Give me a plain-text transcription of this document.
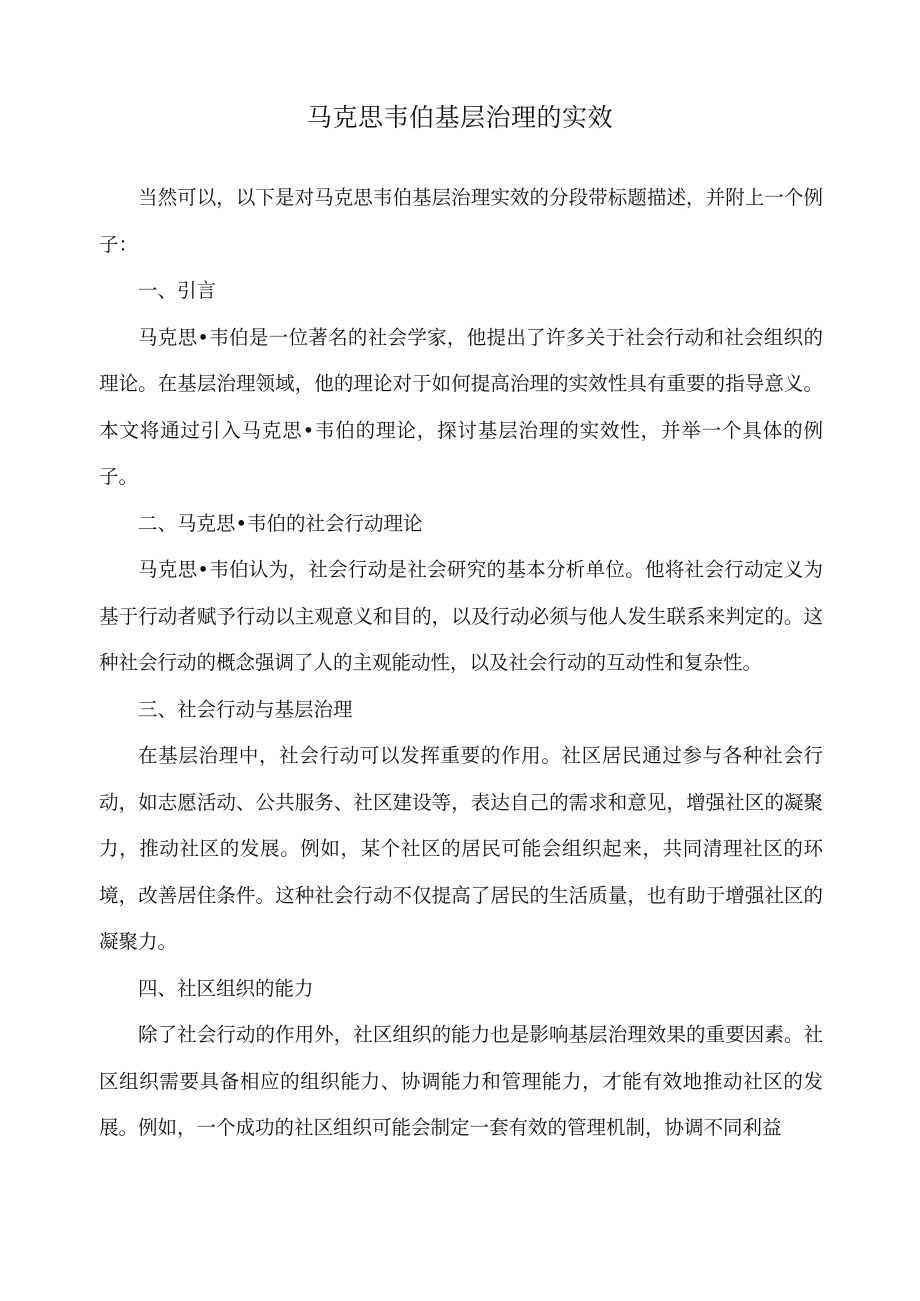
马克思韦伯基层治理的实效

当然可以，以下是对马克思韦伯基层治理实效的分段带标题描述，并附上一个例子：

一、引言

马克思•韦伯是一位著名的社会学家，他提出了许多关于社会行动和社会组织的理论。在基层治理领域，他的理论对于如何提高治理的实效性具有重要的指导意义。本文将通过引入马克思•韦伯的理论，探讨基层治理的实效性，并举一个具体的例子。

二、马克思•韦伯的社会行动理论

马克思•韦伯认为，社会行动是社会研究的基本分析单位。他将社会行动定义为基于行动者赋予行动以主观意义和目的，以及行动必须与他人发生联系来判定的。这种社会行动的概念强调了人的主观能动性，以及社会行动的互动性和复杂性。

三、社会行动与基层治理

在基层治理中，社会行动可以发挥重要的作用。社区居民通过参与各种社会行动，如志愿活动、公共服务、社区建设等，表达自己的需求和意见，增强社区的凝聚力，推动社区的发展。例如，某个社区的居民可能会组织起来，共同清理社区的环境，改善居住条件。这种社会行动不仅提高了居民的生活质量，也有助于增强社区的凝聚力。

四、社区组织的能力

除了社会行动的作用外，社区组织的能力也是影响基层治理效果的重要因素。社区组织需要具备相应的组织能力、协调能力和管理能力，才能有效地推动社区的发展。例如，一个成功的社区组织可能会制定一套有效的管理机制，协调不同利益
